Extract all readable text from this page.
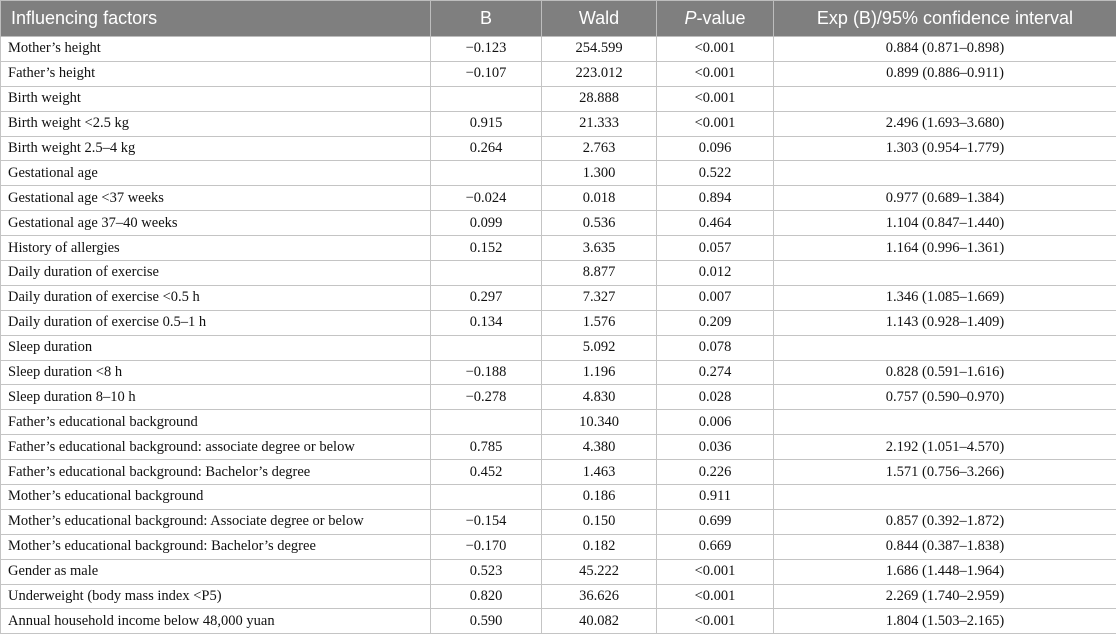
Influencing factors	B	Wald	P-value	Exp (B)/95% confidence interval
Mother’s height	−0.123	254.599	<0.001	0.884 (0.871–0.898)
Father’s height	−0.107	223.012	<0.001	0.899 (0.886–0.911)
Birth weight		28.888	<0.001	
Birth weight <2.5 kg	0.915	21.333	<0.001	2.496 (1.693–3.680)
Birth weight 2.5–4 kg	0.264	2.763	0.096	1.303 (0.954–1.779)
Gestational age		1.300	0.522	
Gestational age <37 weeks	−0.024	0.018	0.894	0.977 (0.689–1.384)
Gestational age 37–40 weeks	0.099	0.536	0.464	1.104 (0.847–1.440)
History of allergies	0.152	3.635	0.057	1.164 (0.996–1.361)
Daily duration of exercise		8.877	0.012	
Daily duration of exercise <0.5 h	0.297	7.327	0.007	1.346 (1.085–1.669)
Daily duration of exercise 0.5–1 h	0.134	1.576	0.209	1.143 (0.928–1.409)
Sleep duration		5.092	0.078	
Sleep duration <8 h	−0.188	1.196	0.274	0.828 (0.591–1.616)
Sleep duration 8–10 h	−0.278	4.830	0.028	0.757 (0.590–0.970)
Father’s educational background		10.340	0.006	
Father’s educational background: associate degree or below	0.785	4.380	0.036	2.192 (1.051–4.570)
Father’s educational background: Bachelor’s degree	0.452	1.463	0.226	1.571 (0.756–3.266)
Mother’s educational background		0.186	0.911	
Mother’s educational background: Associate degree or below	−0.154	0.150	0.699	0.857 (0.392–1.872)
Mother’s educational background: Bachelor’s degree	−0.170	0.182	0.669	0.844 (0.387–1.838)
Gender as male	0.523	45.222	<0.001	1.686 (1.448–1.964)
Underweight (body mass index <P5)	0.820	36.626	<0.001	2.269 (1.740–2.959)
Annual household income below 48,000 yuan	0.590	40.082	<0.001	1.804 (1.503–2.165)
